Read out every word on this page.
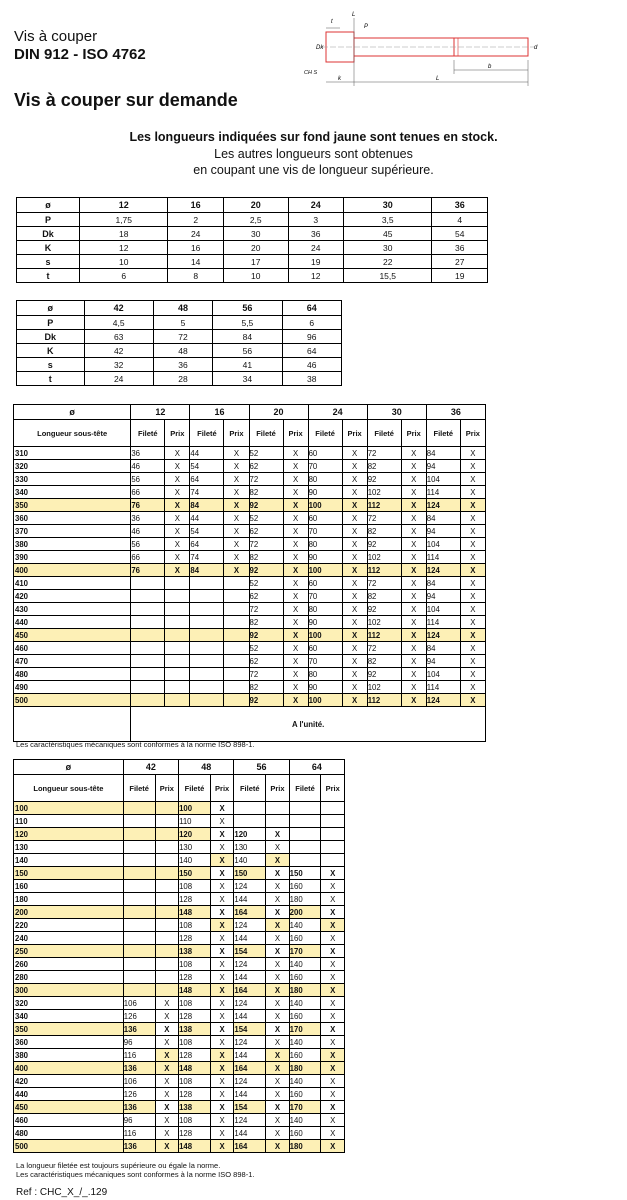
Vis à couper
DIN 912 - ISO 4762
Vis à couper sur demande
t
L
Dk
P
d
b
CH S
k	L
Les longueurs indiquées sur fond jaune sont tenues en stock.
Les autres longueurs sont obtenues
en coupant une vis de longueur supérieure.
ø	12	16	20	24	30	36
P	1,75	2	2,5	3	3,5	4
Dk	18	24	30	36	45	54
K	12	16	20	24	30	36
s	10	14	17	19	22	27
t	6	8	10	12	15,5	19
ø	42	48	56	64
P	4,5	5	5,5	6
Dk	63	72	84	96
K	42	48	56	64
s	32	36	41	46
t	24	28	34	38
ø	12		16		20		24		30		36	
Longueur sous-tête	Fileté	Prix	Fileté	Prix	Fileté	Prix	Fileté	Prix	Fileté	Prix	Fileté	Prix
310	36	X	44	X	52	X	60	X	72	X	84	X
320	46	X	54	X	62	X	70	X	82	X	94	X
330	56	X	64	X	72	X	80	X	92	X	104	X
340	66	X	74	X	82	X	90	X	102	X	114	X
350	76	X	84	X	92	X	100	X	112	X	124	X
360	36	X	44	X	52	X	60	X	72	X	84	X
370	46	X	54	X	62	X	70	X	82	X	94	X
380	56	X	64	X	72	X	80	X	92	X	104	X
390	66	X	74	X	82	X	90	X	102	X	114	X
400	76	X	84	X	92	X	100	X	112	X	124	X
410					52	X	60	X	72	X	84	X
420					62	X	70	X	82	X	94	X
430					72	X	80	X	92	X	104	X
440					82	X	90	X	102	X	114	X
450					92	X	100	X	112	X	124	X
460					52	X	60	X	72	X	84	X
470					62	X	70	X	82	X	94	X
480					72	X	80	X	92	X	104	X
490					82	X	90	X	102	X	114	X
500					92	X	100	X	112	X	124	X
	A l'unité.											
Les caractéristiques mécaniques sont conformes à la norme ISO 898-1.
ø	42		48		56		64	
Longueur sous-tête	Fileté	Prix	Fileté	Prix	Fileté	Prix	Fileté	Prix
100			100	X				
110			110	X				
120			120	X	120	X		
130			130	X	130	X		
140			140	X	140	X		
150			150	X	150	X	150	X
160			108	X	124	X	160	X
180			128	X	144	X	180	X
200			148	X	164	X	200	X
220			108	X	124	X	140	X
240			128	X	144	X	160	X
250			138	X	154	X	170	X
260			108	X	124	X	140	X
280			128	X	144	X	160	X
300			148	X	164	X	180	X
320	106	X	108	X	124	X	140	X
340	126	X	128	X	144	X	160	X
350	136	X	138	X	154	X	170	X
360	96	X	108	X	124	X	140	X
380	116	X	128	X	144	X	160	X
400	136	X	148	X	164	X	180	X
420	106	X	108	X	124	X	140	X
440	126	X	128	X	144	X	160	X
450	136	X	138	X	154	X	170	X
460	96	X	108	X	124	X	140	X
480	116	X	128	X	144	X	160	X
500	136	X	148	X	164	X	180	X
La longueur filetée est toujours supérieure ou égale la norme.
Les caractéristiques mécaniques sont conformes à la norme ISO 898-1.
Ref : CHC_X_/_.129
